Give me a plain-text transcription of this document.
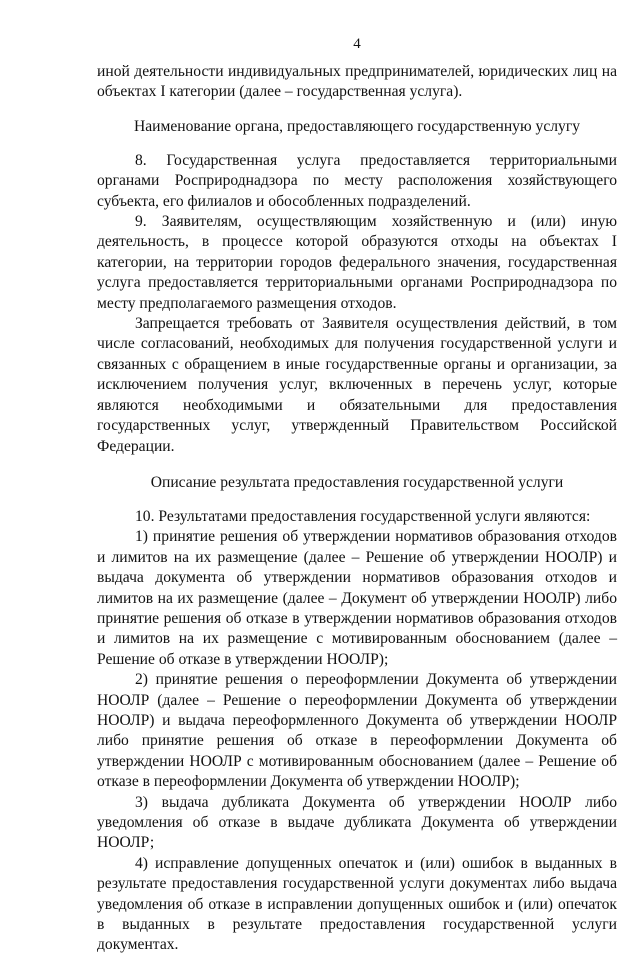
4

иной деятельности индивидуальных предпринимателей, юридических лиц на объектах I категории (далее – государственная услуга).

Наименование органа, предоставляющего государственную услугу

8. Государственная услуга предоставляется территориальными органами Росприроднадзора по месту расположения хозяйствующего субъекта, его филиалов и обособленных подразделений.

9. Заявителям, осуществляющим хозяйственную и (или) иную деятельность, в процессе которой образуются отходы на объектах I категории, на территории городов федерального значения, государственная услуга предоставляется территориальными органами Росприроднадзора по месту предполагаемого размещения отходов.

Запрещается требовать от Заявителя осуществления действий, в том числе согласований, необходимых для получения государственной услуги и связанных с обращением в иные государственные органы и организации, за исключением получения услуг, включенных в перечень услуг, которые являются необходимыми и обязательными для предоставления государственных услуг, утвержденный Правительством Российской Федерации.

Описание результата предоставления государственной услуги

10. Результатами предоставления государственной услуги являются:

1) принятие решения об утверждении нормативов образования отходов и лимитов на их размещение (далее – Решение об утверждении НООЛР) и выдача документа об утверждении нормативов образования отходов и лимитов на их размещение (далее – Документ об утверждении НООЛР) либо принятие решения об отказе в утверждении нормативов образования отходов и лимитов на их размещение с мотивированным обоснованием (далее – Решение об отказе в утверждении НООЛР);

2) принятие решения о переоформлении Документа об утверждении НООЛР (далее – Решение о переоформлении Документа об утверждении НООЛР) и выдача переоформленного Документа об утверждении НООЛР либо принятие решения об отказе в переоформлении Документа об утверждении НООЛР с мотивированным обоснованием (далее – Решение об отказе в переоформлении Документа об утверждении НООЛР);

3) выдача дубликата Документа об утверждении НООЛР либо уведомления об отказе в выдаче дубликата Документа об утверждении НООЛР;

4) исправление допущенных опечаток и (или) ошибок в выданных в результате предоставления государственной услуги документах либо выдача уведомления об отказе в исправлении допущенных ошибок и (или) опечаток в выданных в результате предоставления государственной услуги документах.
